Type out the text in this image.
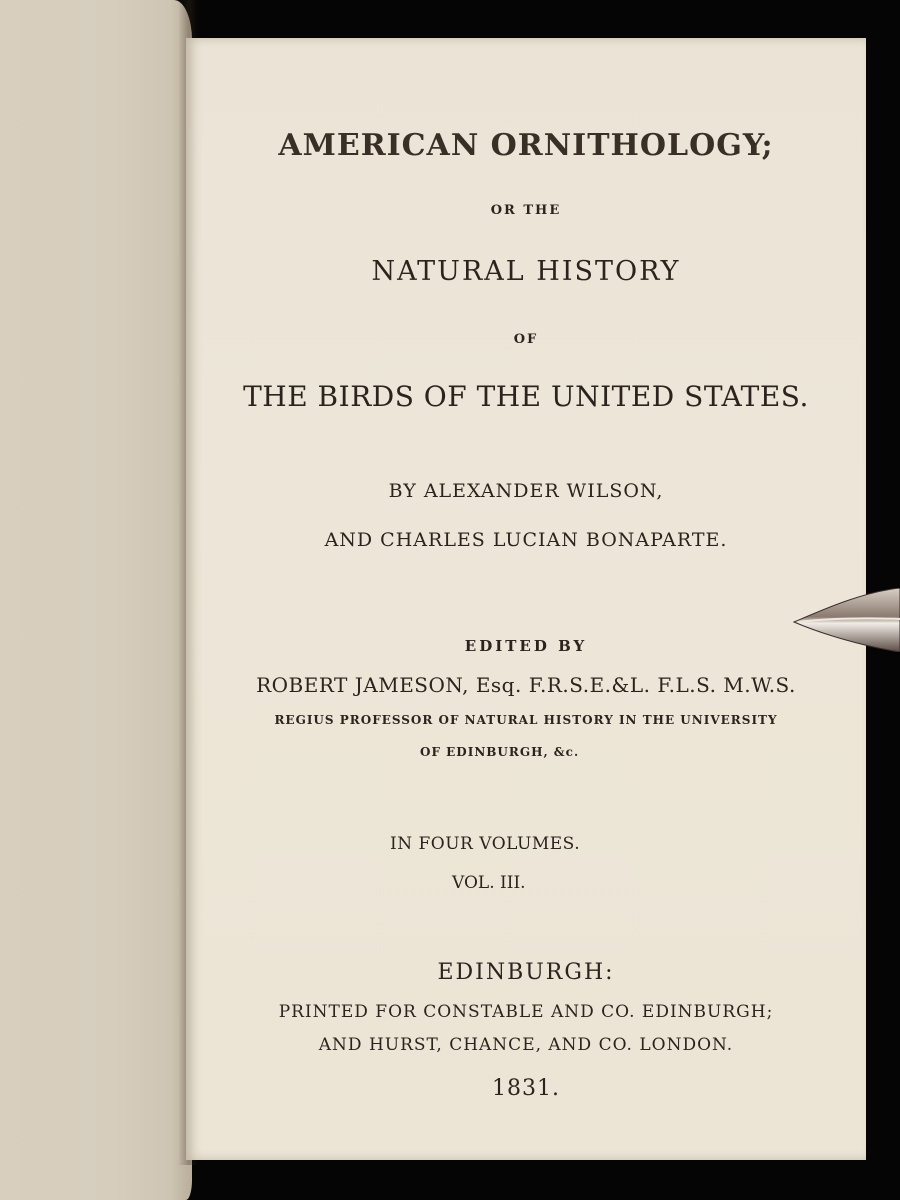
AMERICAN ORNITHOLOGY;

OR THE

NATURAL HISTORY

OF

THE BIRDS OF THE UNITED STATES.

BY ALEXANDER WILSON,

AND CHARLES LUCIAN BONAPARTE.

EDITED BY

ROBERT JAMESON, Esq. F.R.S.E.&L. F.L.S. M.W.S.

REGIUS PROFESSOR OF NATURAL HISTORY IN THE UNIVERSITY

OF EDINBURGH, &c.

IN FOUR VOLUMES.

VOL. III.

EDINBURGH:

PRINTED FOR CONSTABLE AND CO. EDINBURGH;

AND HURST, CHANCE, AND CO. LONDON.

1831.
